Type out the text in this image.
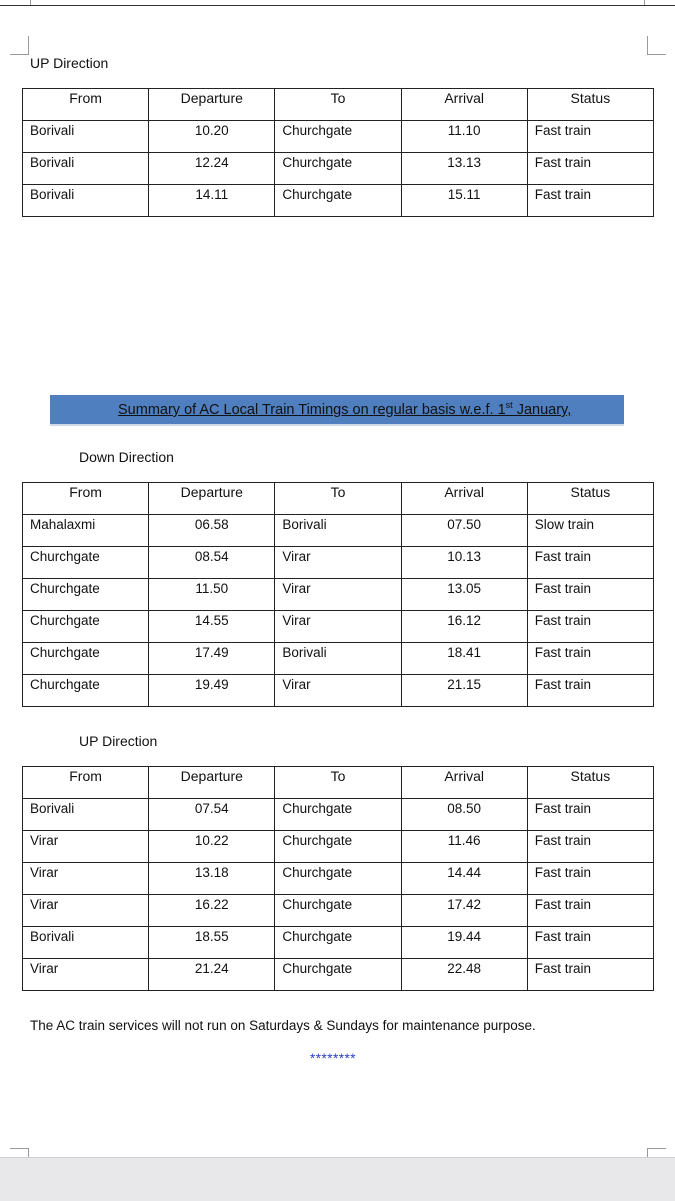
UP Direction
From	Departure	To	Arrival	Status
Borivali	10.20	Churchgate	11.10	Fast train
Borivali	12.24	Churchgate	13.13	Fast train
Borivali	14.11	Churchgate	15.11	Fast train
Summary of AC Local Train Timings on regular basis w.e.f. 1st January,
Down Direction
From	Departure	To	Arrival	Status
Mahalaxmi	06.58	Borivali	07.50	Slow train
Churchgate	08.54	Virar	10.13	Fast train
Churchgate	11.50	Virar	13.05	Fast train
Churchgate	14.55	Virar	16.12	Fast train
Churchgate	17.49	Borivali	18.41	Fast train
Churchgate	19.49	Virar	21.15	Fast train
UP Direction
From	Departure	To	Arrival	Status
Borivali	07.54	Churchgate	08.50	Fast train
Virar	10.22	Churchgate	11.46	Fast train
Virar	13.18	Churchgate	14.44	Fast train
Virar	16.22	Churchgate	17.42	Fast train
Borivali	18.55	Churchgate	19.44	Fast train
Virar	21.24	Churchgate	22.48	Fast train
The AC train services will not run on Saturdays & Sundays for maintenance purpose.
********
